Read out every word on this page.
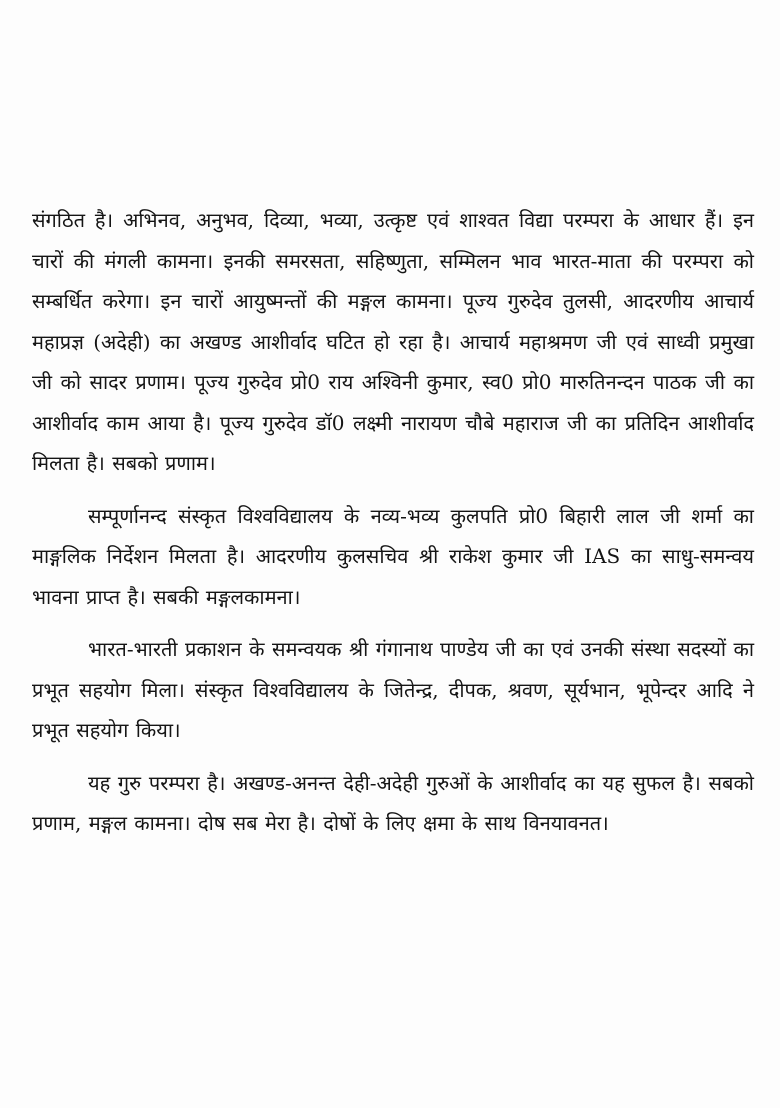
संगठित है। अभिनव, अनुभव, दिव्या, भव्या, उत्कृष्ट एवं शाश्वत विद्या परम्परा के आधार हैं। इन चारों की मंगली कामना। इनकी समरसता, सहिष्णुता, सम्मिलन भाव भारत-माता की परम्परा को सम्बर्धित करेगा। इन चारों आयुष्मन्तों की मङ्गल कामना। पूज्य गुरुदेव तुलसी, आदरणीय आचार्य महाप्रज्ञ (अदेही) का अखण्ड आशीर्वाद घटित हो रहा है। आचार्य महाश्रमण जी एवं साध्वी प्रमुखा जी को सादर प्रणाम। पूज्य गुरुदेव प्रो0 राय अश्विनी कुमार, स्व0 प्रो0 मारुतिनन्दन पाठक जी का आशीर्वाद काम आया है। पूज्य गुरुदेव डॉ0 लक्ष्मी नारायण चौबे महाराज जी का प्रतिदिन आशीर्वाद मिलता है। सबको प्रणाम।

सम्पूर्णानन्द संस्कृत विश्वविद्यालय के नव्य-भव्य कुलपति प्रो0 बिहारी लाल जी शर्मा का माङ्गलिक निर्देशन मिलता है। आदरणीय कुलसचिव श्री राकेश कुमार जी IAS का साधु-समन्वय भावना प्राप्त है। सबकी मङ्गलकामना।

भारत-भारती प्रकाशन के समन्वयक श्री गंगानाथ पाण्डेय जी का एवं उनकी संस्था सदस्यों का प्रभूत सहयोग मिला। संस्कृत विश्वविद्यालय के जितेन्द्र, दीपक, श्रवण, सूर्यभान, भूपेन्दर आदि ने प्रभूत सहयोग किया।

यह गुरु परम्परा है। अखण्ड-अनन्त देही-अदेही गुरुओं के आशीर्वाद का यह सुफल है। सबको प्रणाम, मङ्गल कामना। दोष सब मेरा है। दोषों के लिए क्षमा के साथ विनयावनत।
